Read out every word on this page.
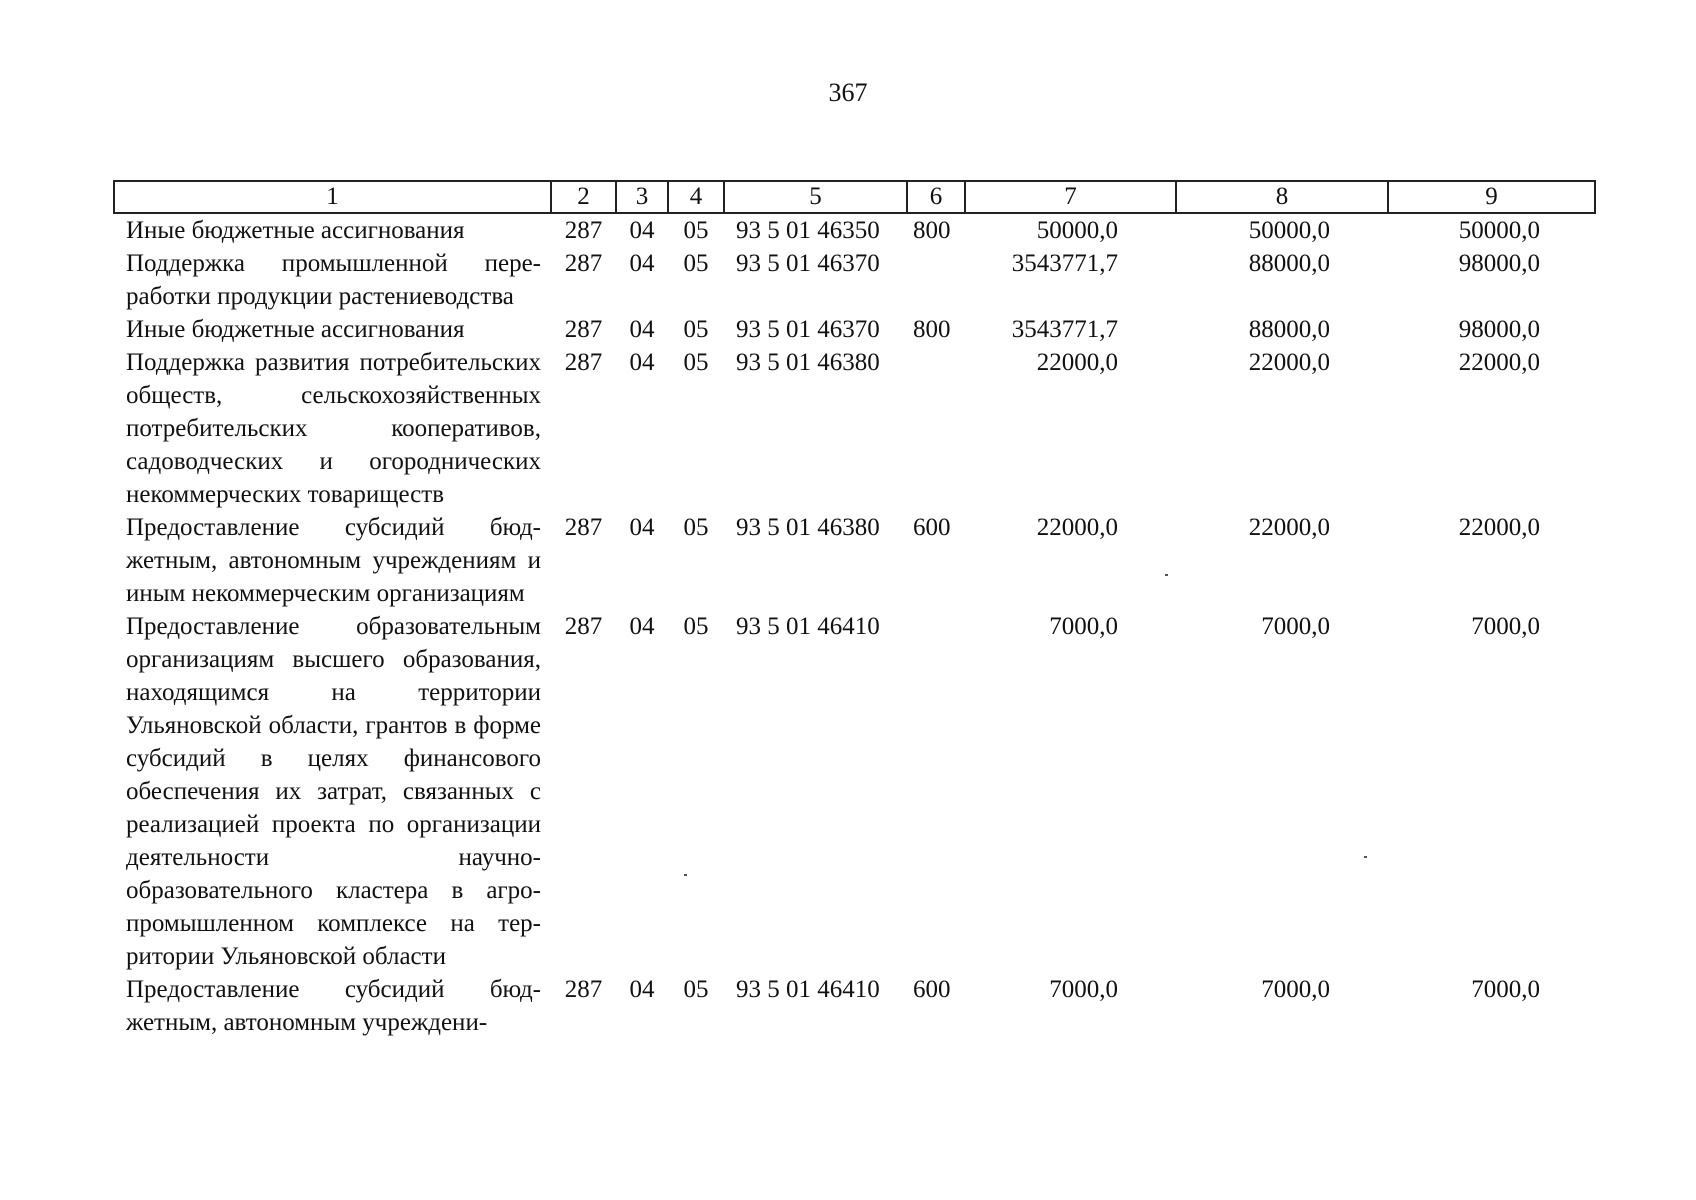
367
1	2	3	4	5	6	7	8	9
Иные бюджетные ассигнования	287	04	05	93 5 01 46350	800	50000,0	50000,0	50000,0
Поддержка промышленной переработки продукции растениеводства	287	04	05	93 5 01 46370		3543771,7	88000,0	98000,0
Иные бюджетные ассигнования	287	04	05	93 5 01 46370	800	3543771,7	88000,0	98000,0
Поддержка развития потребительских обществ, сельскохозяйственных потребительских кооперативов, садоводческих и огороднических некоммерческих товариществ	287	04	05	93 5 01 46380		22000,0	22000,0	22000,0
Предоставление субсидий бюджетным, автономным учреждениям и иным некоммерческим организациям	287	04	05	93 5 01 46380	600	22000,0	22000,0	22000,0
Предоставление образовательным организациям высшего образования, находящимся на территории Ульяновской области, грантов в форме субсидий в целях финансового обеспечения их затрат, связанных с реализацией проекта по организации деятельности научно-образовательного кластера в агропромышленном комплексе на территории Ульяновской области	287	04	05	93 5 01 46410		7000,0	7000,0	7000,0
Предоставление субсидий бюджетным, автономным учреждени-	287	04	05	93 5 01 46410	600	7000,0	7000,0	7000,0
